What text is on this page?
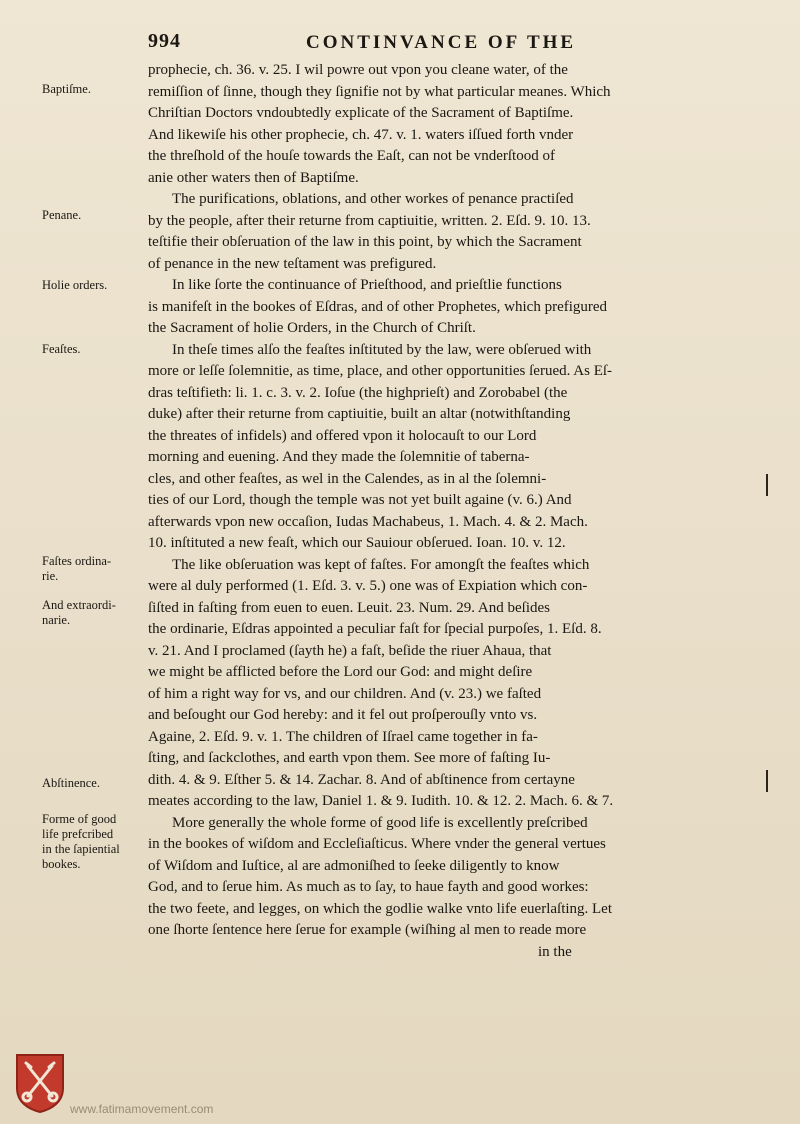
994	CONTINVANCE OF THE
Baptiſme.
Penane.
Holie orders.
Feaſtes.
Faſtes ordina- rie.
And extraordi- narie.
Abſtinence.
Forme of good life prefcribed in the ſapiential bookes.
prophecie, ch. 36. v. 25. I wil powre out vpon you cleane water, of the
remiſſion of ſinne, though they ſignifie not by what particular meanes. Which
Chriſtian Doctors vndoubtedly explicate of the Sacrament of Baptiſme.
And likewiſe his other prophecie, ch. 47. v. 1. waters iſſued forth vnder
the threſhold of the houſe towards the Eaſt, can not be vnderſtood of
anie other waters then of Baptiſme.
The purifications, oblations, and other workes of penance practiſed
by the people, after their returne from captiuitie, written. 2. Eſd. 9. 10. 13.
teſtifie their obſeruation of the law in this point, by which the Sacrament
of penance in the new teſtament was prefigured.
In like ſorte the continuance of Prieſthood, and prieſtlie functions
is manifeſt in the bookes of Eſdras, and of other Prophetes, which prefigured
the Sacrament of holie Orders, in the Church of Chriſt.
In theſe times alſo the feaſtes inſtituted by the law, were obſerued with
more or leſſe ſolemnitie, as time, place, and other opportunities ſerued. As Eſ-
dras teſtifieth: li. 1. c. 3. v. 2. Ioſue (the highprieſt) and Zorobabel (the
duke) after their returne from captiuitie, built an altar (notwithſtanding
the threates of infidels) and offered vpon it holocauſt to our Lord
morning and euening. And they made the ſolemnitie of taberna-
cles, and other feaſtes, as wel in the Calendes, as in al the ſolemni-
ties of our Lord, though the temple was not yet built againe (v. 6.) And
afterwards vpon new occaſion, Iudas Machabeus, 1. Mach. 4. & 2. Mach.
10. inſtituted a new feaſt, which our Sauiour obſerued. Ioan. 10. v. 12.
The like obſeruation was kept of faſtes. For amongſt the feaſtes which
were al duly performed (1. Eſd. 3. v. 5.) one was of Expiation which con-
ſiſted in faſting from euen to euen. Leuit. 23. Num. 29. And beſides
the ordinarie, Eſdras appointed a peculiar faſt for ſpecial purpoſes, 1. Eſd. 8.
v. 21. And I proclamed (ſayth he) a faſt, beſide the riuer Ahaua, that
we might be afflicted before the Lord our God: and might deſire
of him a right way for vs, and our children. And (v. 23.) we faſted
and beſought our God hereby: and it fel out proſperouſly vnto vs.
Againe, 2. Eſd. 9. v. 1. The children of Iſrael came together in fa-
ſting, and ſackclothes, and earth vpon them. See more of faſting Iu-
dith. 4. & 9. Eſther 5. & 14. Zachar. 8. And of abſtinence from certayne
meates according to the law, Daniel 1. & 9. Iudith. 10. & 12. 2. Mach. 6. & 7.
More generally the whole forme of good life is excellently preſcribed
in the bookes of wiſdom and Eccleſiaſticus. Where vnder the general vertues
of Wiſdom and Iuſtice, al are admoniſhed to ſeeke diligently to know
God, and to ſerue him. As much as to ſay, to haue fayth and good workes:
the two feete, and legges, on which the godlie walke vnto life euerlaſting. Let
one ſhorte ſentence here ſerue for example (wiſhing al men to reade more
in the
www.fatimamovement.com
